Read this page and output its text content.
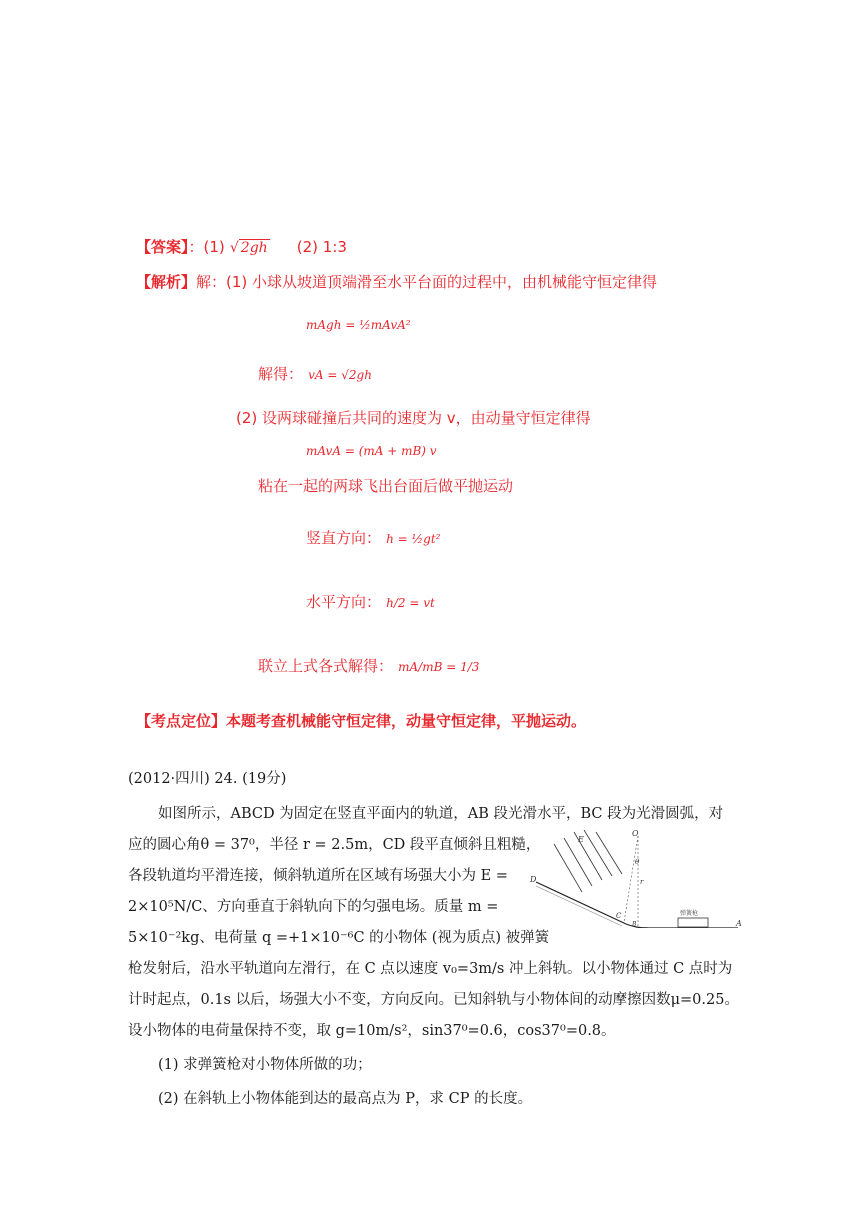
【答案】：(1) √ 2gh (2) 1:3
【解析】解：(1) 小球从坡道顶端滑至水平台面的过程中，由机械能守恒定律得
mAgh = ½mAvA²
解得： vA = √2gh
(2) 设两球碰撞后共同的速度为 v，由动量守恒定律得
mAvA = (mA + mB) v
粘在一起的两球飞出台面后做平抛运动
竖直方向： h = ½gt²
水平方向： h/2 = vt
联立上式各式解得： mA/mB = 1/3
【考点定位】本题考查机械能守恒定律，动量守恒定律，平抛运动。
(2012·四川) 24. (19分)
如图所示，ABCD 为固定在竖直平面内的轨道，AB 段光滑水平，BC 段为光滑圆弧，对
应的圆心角θ = 37⁰，半径 r = 2.5m，CD 段平直倾斜且粗糙，
各段轨道均平滑连接，倾斜轨道所在区域有场强大小为 E =
2×10⁵N/C、方向垂直于斜轨向下的匀强电场。质量 m =
5×10⁻²kg、电荷量 q =+1×10⁻⁶C 的小物体 (视为质点) 被弹簧
枪发射后，沿水平轨道向左滑行，在 C 点以速度 v₀=3m/s 冲上斜轨。以小物体通过 C 点时为
计时起点，0.1s 以后，场强大小不变，方向反向。已知斜轨与小物体间的动摩擦因数μ=0.25。
设小物体的电荷量保持不变，取 g=10m/s²，sin37⁰=0.6，cos37⁰=0.8。
(1) 求弹簧枪对小物体所做的功；
(2) 在斜轨上小物体能到达的最高点为 P，求 CP 的长度。
弹簧枪
E
O
D
C
B	A
θ
r
